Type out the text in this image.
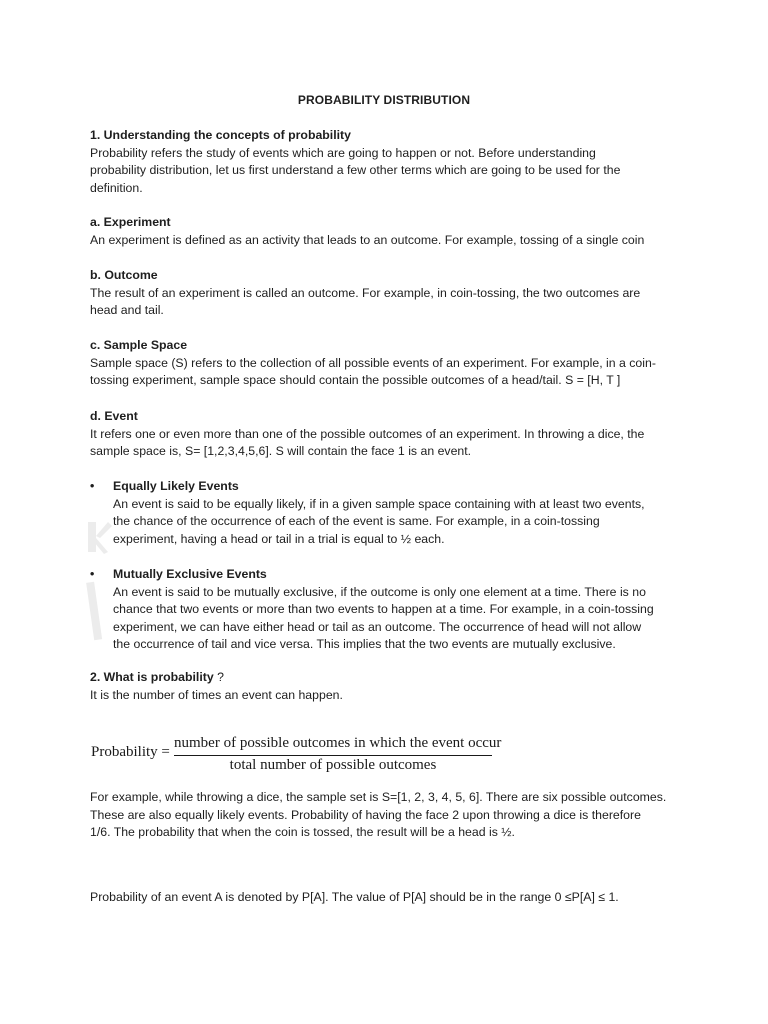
PROBABILITY DISTRIBUTION

1. Understanding the concepts of probability

Probability refers the study of events which are going to happen or not. Before understanding

probability distribution, let us first understand a few other terms which are going to be used for the

definition.

a. Experiment

An experiment is defined as an activity that leads to an outcome. For example, tossing of a single coin

b. Outcome

The result of an experiment is called an outcome. For example, in coin-tossing, the two outcomes are

head and tail.

c. Sample Space

Sample space (S) refers to the collection of all possible events of an experiment. For example, in a coin-

tossing experiment, sample space should contain the possible outcomes of a head/tail. S = [H, T ]

d. Event

It refers one or even more than one of the possible outcomes of an experiment. In throwing a dice, the

sample space is, S= [1,2,3,4,5,6]. S will contain the face 1 is an event.

•	Equally Likely Events

An event is said to be equally likely, if in a given sample space containing with at least two events,

the chance of the occurrence of each of the event is same. For example, in a coin-tossing

experiment, having a head or tail in a trial is equal to ½ each.

•	Mutually Exclusive Events

An event is said to be mutually exclusive, if the outcome is only one element at a time. There is no

chance that two events or more than two events to happen at a time. For example, in a coin-tossing

experiment, we can have either head or tail as an outcome. The occurrence of head will not allow

the occurrence of tail and vice versa. This implies that the two events are mutually exclusive.

2. What is probability ?

It is the number of times an event can happen.

Probability =
number of possible outcomes in which the event occur
total number of possible outcomes

For example, while throwing a dice, the sample set is S=[1, 2, 3, 4, 5, 6]. There are six possible outcomes.

These are also equally likely events. Probability of having the face 2 upon throwing a dice is therefore

1/6. The probability that when the coin is tossed, the result will be a head is ½.

Probability of an event A is denoted by P[A]. The value of P[A] should be in the range 0 ≤P[A] ≤ 1.
